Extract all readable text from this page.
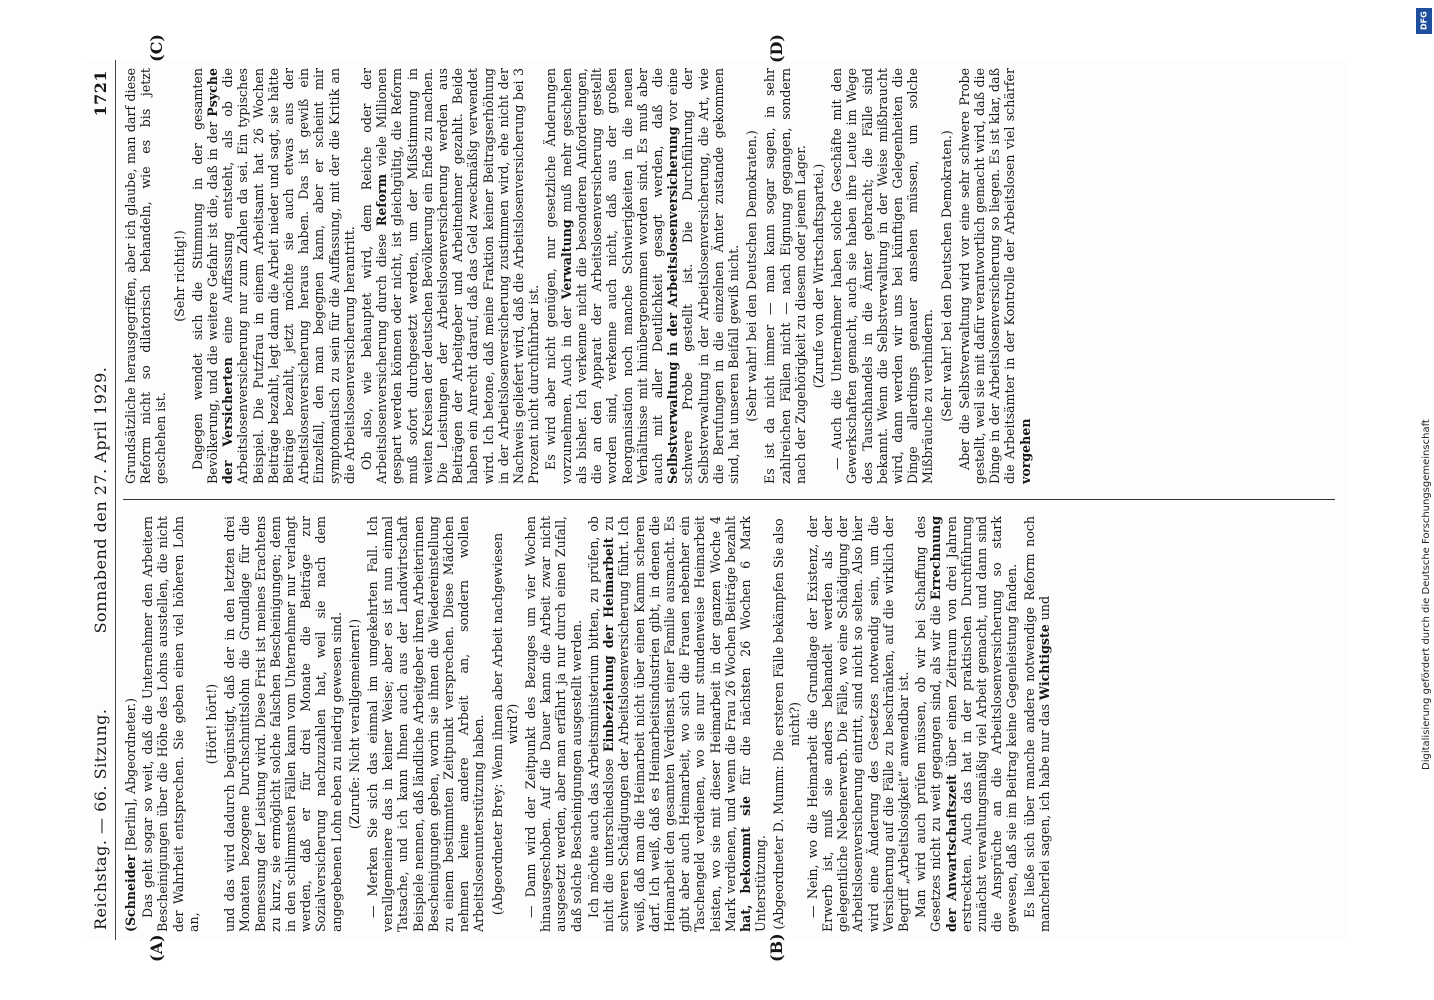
Reichstag. — 66. Sitzung.
Sonnabend den 27. April 1929.
1721
(A)	(B)
(C)	(D)

(Schneider [Berlin], Abgeordneter.) Das geht sogar so weit, daß die Unternehmer den Arbeitern Bescheinigungen über die Höhe des Lohns ausstellen, die nicht der Wahrheit entsprechen. Sie geben einen viel höheren Lohn an,

(Hört! hört!) und das wird dadurch begünstigt, daß der in den letzten drei Monaten bezogene Durchschnittslohn die Grundlage für die Bemessung der Leistung wird. Diese Frist ist meines Erachtens zu kurz, sie ermöglicht solche falschen Bescheinigungen; denn in den schlimmsten Fällen kann vom Unternehmer nur verlangt werden, daß er für drei Monate die Beiträge zur Sozialversicherung nachzuzahlen hat, weil sie nach dem angegebenen Lohn eben zu niedrig gewesen sind. (Zurufe: Nicht verallgemeinern!) — Merken Sie sich das einmal im umgekehrten Fall. Ich verallgemeinere das in keiner Weise; aber es ist nun einmal Tatsache, und ich kann Ihnen auch aus der Landwirtschaft Beispiele nennen, daß ländliche Arbeitgeber ihren Arbeiterinnen Bescheinigungen geben, worin sie ihnen die Wiedereinstellung zu einem bestimmten Zeitpunkt versprechen. Diese Mädchen nehmen keine andere Arbeit an, sondern wollen Arbeitslosenunterstützung haben. (Abgeordneter Brey: Wenn ihnen aber Arbeit nachgewiesen wird?) — Dann wird der Zeitpunkt des Bezuges um vier Wochen hinausgeschoben. Auf die Dauer kann die Arbeit zwar nicht ausgesetzt werden, aber man erfährt ja nur durch einen Zufall, daß solche Bescheinigungen ausgestellt werden. Ich möchte auch das Arbeitsministerium bitten, zu prüfen, ob nicht die unterschiedslose Einbeziehung der Heimarbeit zu schweren Schädigungen der Arbeitslosenversicherung führt. Ich weiß, daß man die Heimarbeit nicht über einen Kamm scheren darf. Ich weiß, daß es Heimarbeitsindustrien gibt, in denen die Heimarbeit den gesamten Verdienst einer Familie ausmacht. Es gibt aber auch Heimarbeit, wo sich die Frauen nebenher ein Taschengeld verdienen, wo sie nur stundenweise Heimarbeit leisten, wo sie mit dieser Heimarbeit in der ganzen Woche 4 Mark verdienen, und wenn die Frau 26 Wochen Beiträge bezahlt hat, bekommt sie für die nächsten 26 Wochen 6 Mark Unterstützung. (Abgeordneter D. Mumm: Die ersteren Fälle bekämpfen Sie also nicht?) — Nein, wo die Heimarbeit die Grundlage der Existenz, der Erwerb ist, muß sie anders behandelt werden als der gelegentliche Nebenerwerb. Die Fälle, wo eine Schädigung der Arbeitslosenversicherung eintritt, sind nicht so selten. Also hier wird eine Änderung des Gesetzes notwendig sein, um die Versicherung auf die Fälle zu beschränken, auf die wirklich der Begriff „Arbeitslosigkeit“ anwendbar ist. Man wird auch prüfen müssen, ob wir bei Schaffung des Gesetzes nicht zu weit gegangen sind, als wir die Errechnung der Anwartschaftszeit über einen Zeitraum von drei Jahren erstreckten. Auch das hat in der praktischen Durchführung zunächst verwaltungsmäßig viel Arbeit gemacht, und dann sind die Ansprüche an die Arbeitslosenversicherung so stark gewesen, daß sie im Beitrag keine Gegenleistung fanden. Es ließe sich über manche andere notwendige Reform noch mancherlei sagen, ich habe nur das Wichtigste und

Grundsätzliche herausgegriffen, aber ich glaube, man darf diese Reform nicht so dilatorisch behandeln, wie es bis jetzt geschehen ist.

(Sehr richtig!) Dagegen wendet sich die Stimmung in der gesamten Bevölkerung, und die weitere Gefahr ist die, daß in der Psyche der Versicherten eine Auffassung entsteht, als ob die Arbeitslosenversicherung nur zum Zahlen da sei. Ein typisches Beispiel. Die Putzfrau in einem Arbeitsamt hat 26 Wochen Beiträge bezahlt, legt dann die Arbeit nieder und sagt, sie hätte Beiträge bezahlt, jetzt möchte sie auch etwas aus der Arbeitslosenversicherung heraus haben. Das ist gewiß ein Einzelfall, den man begegnen kann, aber er scheint mir symptomatisch zu sein für die Auffassung, mit der die Kritik an die Arbeitslosenversicherung herantritt. Ob also, wie behauptet wird, dem Reiche oder der Arbeitslosenversicherung durch diese Reform viele Millionen gespart werden können oder nicht, ist gleichgültig, die Reform muß sofort durchgesetzt werden, um der Mißstimmung in weiten Kreisen der deutschen Bevölkerung ein Ende zu machen. Die Leistungen der Arbeitslosenversicherung werden aus Beiträgen der Arbeitgeber und Arbeitnehmer gezahlt. Beide haben ein Anrecht darauf, daß das Geld zweckmäßig verwendet wird. Ich betone, daß meine Fraktion keiner Beitragserhöhung in der Arbeitslosenversicherung zustimmen wird, ehe nicht der Nachweis geliefert wird, daß die Arbeitslosenversicherung bei 3 Prozent nicht durchführbar ist. Es wird aber nicht genügen, nur gesetzliche Änderungen vorzunehmen. Auch in der Verwaltung muß mehr geschehen als bisher. Ich verkenne nicht die besonderen Anforderungen, die an den Apparat der Arbeitslosenversicherung gestellt worden sind, verkenne auch nicht, daß aus der großen Reorganisation noch manche Schwierigkeiten in die neuen Verhältnisse mit hinübergenommen worden sind. Es muß aber auch mit aller Deutlichkeit gesagt werden, daß die Selbstverwaltung in der Arbeitslosenversicherung vor eine schwere Probe gestellt ist. Die Durchführung der Selbstverwaltung in der Arbeitslosenversicherung, die Art, wie die Berufungen in die einzelnen Ämter zustande gekommen sind, hat unseren Beifall gewiß nicht. (Sehr wahr! bei den Deutschen Demokraten.) Es ist da nicht immer — man kann sogar sagen, in sehr zahlreichen Fällen nicht — nach Eignung gegangen, sondern nach der Zugehörigkeit zu diesem oder jenem Lager. (Zurufe von der Wirtschaftspartei.) — Auch die Unternehmer haben solche Geschäfte mit den Gewerkschaften gemacht, auch sie haben ihre Leute im Wege des Tauschhandels in die Ämter gebracht; die Fälle sind bekannt. Wenn die Selbstverwaltung in der Weise mißbraucht wird, dann werden wir uns bei künftigen Gelegenheiten die Dinge allerdings genauer ansehen müssen, um solche Mißbräuche zu verhindern. (Sehr wahr! bei den Deutschen Demokraten.) Aber die Selbstverwaltung wird vor eine sehr schwere Probe gestellt, weil sie mit dafür verantwortlich gemacht wird, daß die Dinge in der Arbeitslosenversicherung so liegen. Es ist klar, daß die Arbeitsämter in der Kontrolle der Arbeitslosen viel schärfer vorgehen	Digitalisierung gefördert durch die Deutsche Forschungsgemeinschaft
DFG
